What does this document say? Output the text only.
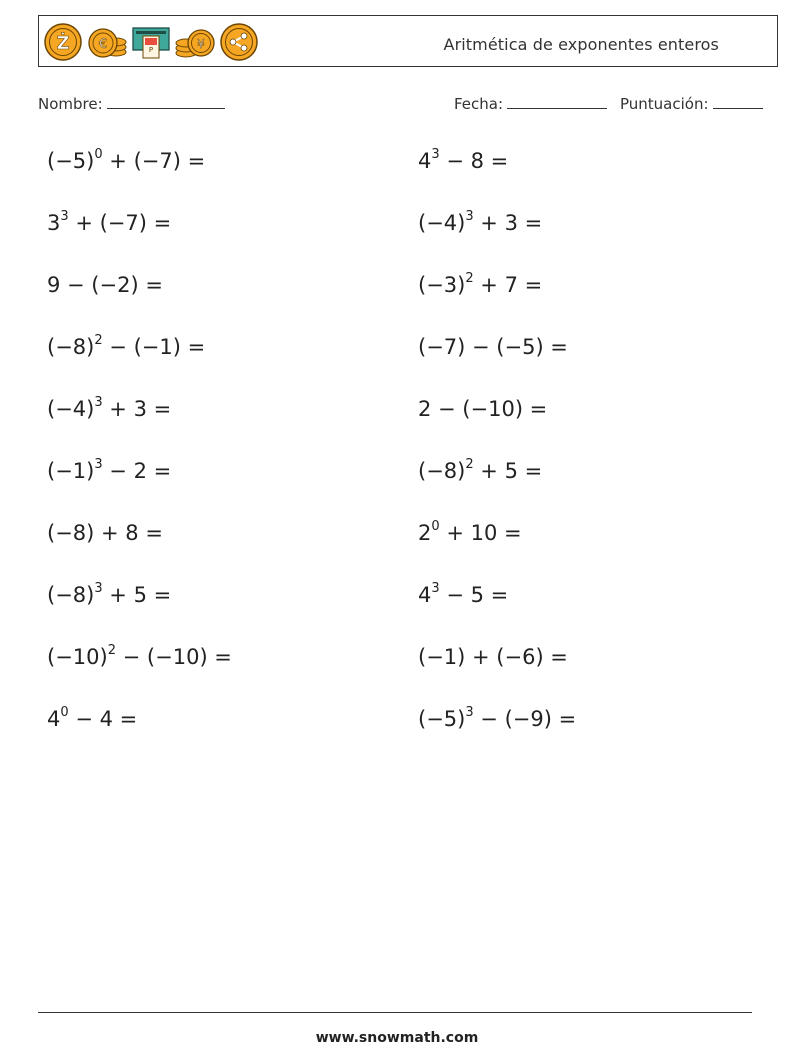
Ż €	P	¥	Aritmética de exponentes enteros
Nombre:	Fecha:	Puntuación:
$(-5)^0 + (-7)$ =
$3^3 + (-7)$ =
9 − (−2) =
$(-8)^2 - (-1)$ =
$(-4)^3 + 3$ =
$(-1)^3 - 2$ =
(−8) + 8 =
$(-8)^3 + 5$ =
$(-10)^2 - (-10)$ =
$4^0 - 4$ =
$4^3 - 8$ =
$(-4)^3 + 3$ =
$(-3)^2 + 7$ =
(−7) − (−5) =
2 − (−10) =
$(-8)^2 + 5$ =
$2^0 + 10$ =
$4^3 - 5$ =
(−1) + (−6) =
$(-5)^3 - (-9)$ =
www.snowmath.com
